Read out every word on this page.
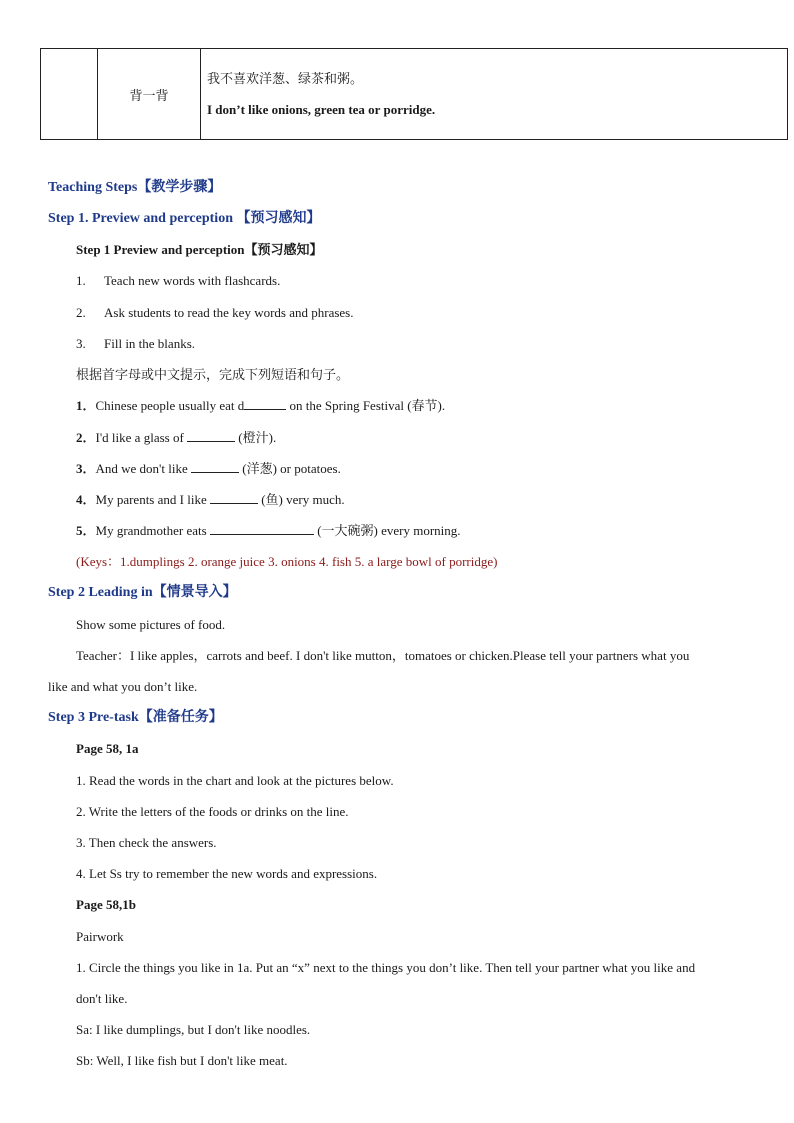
	背一背	
我不喜欢洋葱、绿茶和粥。
I don’t like onions, green tea or porridge.
Teaching Steps【教学步骤】
Step 1. Preview and perception 【预习感知】
Step 1 Preview and perception【预习感知】
1. Teach new words with flashcards.
2. Ask students to read the key words and phrases.
3. Fill in the blanks.
根据首字母或中文提示，完成下列短语和句子。
1．Chinese people usually eat d	on the Spring Festival (春节).
2．I'd like a glass of	(橙汁).
3．And we don't like	(洋葱) or potatoes.
4．My parents and I like	(鱼) very much.
5．My grandmother eats	(一大碗粥) every morning.
(Keys：1.dumplings 2. orange juice 3. onions 4. fish 5. a large bowl of porridge)
Step 2 Leading in【情景导入】
Show some pictures of food.
Teacher：I like apples，carrots and beef. I don't like mutton，tomatoes or chicken.Please tell your partners what you
like and what you don’t like.
Step 3 Pre-task【准备任务】
Page 58, 1a
1. Read the words in the chart and look at the pictures below.
2. Write the letters of the foods or drinks on the line.
3. Then check the answers.
4. Let Ss try to remember the new words and expressions.
Page 58,1b
Pairwork
1. Circle the things you like in 1a. Put an “x” next to the things you don’t like. Then tell your partner what you like and
don't like.
Sa: I like dumplings, but I don't like noodles.
Sb: Well, I like fish but I don't like meat.
